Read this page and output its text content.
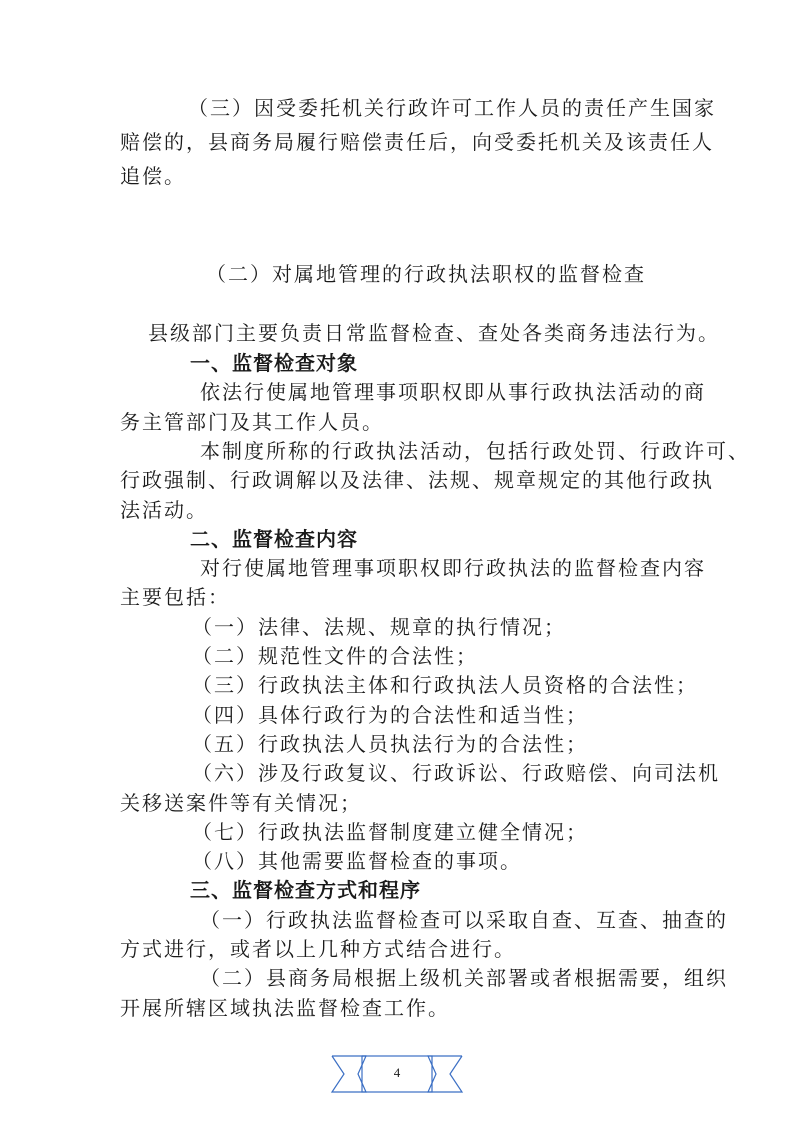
（三）因受委托机关行政许可工作人员的责任产生国家
赔偿的，县商务局履行赔偿责任后，向受委托机关及该责任人
追偿。
（二）对属地管理的行政执法职权的监督检查
县级部门主要负责日常监督检查、查处各类商务违法行为。
一、监督检查对象
依法行使属地管理事项职权即从事行政执法活动的商
务主管部门及其工作人员。
本制度所称的行政执法活动，包括行政处罚、行政许可、
行政强制、行政调解以及法律、法规、规章规定的其他行政执
法活动。
二、监督检查内容
对行使属地管理事项职权即行政执法的监督检查内容
主要包括：
（一）法律、法规、规章的执行情况；
（二）规范性文件的合法性；
（三）行政执法主体和行政执法人员资格的合法性；
（四）具体行政行为的合法性和适当性；
（五）行政执法人员执法行为的合法性；
（六）涉及行政复议、行政诉讼、行政赔偿、向司法机
关移送案件等有关情况；
（七）行政执法监督制度建立健全情况；
（八）其他需要监督检查的事项。
三、监督检查方式和程序
（一）行政执法监督检查可以采取自查、互查、抽查的
方式进行，或者以上几种方式结合进行。
（二）县商务局根据上级机关部署或者根据需要，组织
开展所辖区域执法监督检查工作。
4
